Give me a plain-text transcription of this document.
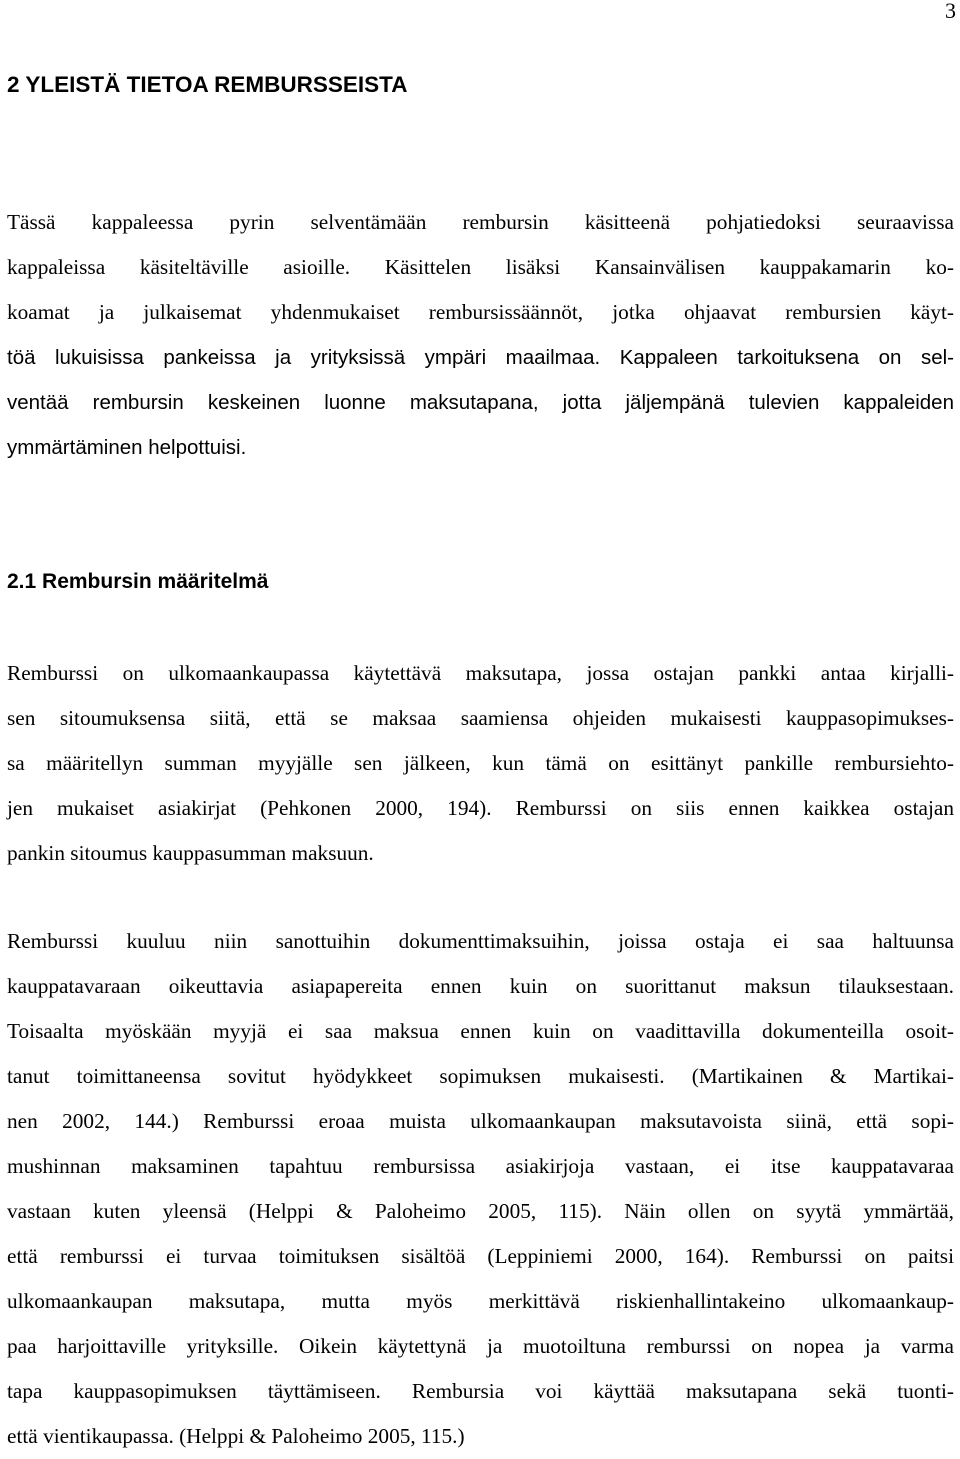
3
2 YLEISTÄ TIETOA REMBURSSEISTA
Tässä kappaleessa pyrin selventämään rembursin käsitteenä pohjatiedoksi seuraavissa
kappaleissa käsiteltäville asioille. Käsittelen lisäksi Kansainvälisen kauppakamarin ko-
koamat ja julkaisemat yhdenmukaiset rembursissäännöt, jotka ohjaavat rembursien käyt-
töä lukuisissa pankeissa ja yrityksissä ympäri maailmaa. Kappaleen tarkoituksena on sel-
ventää rembursin keskeinen luonne maksutapana, jotta jäljempänä tulevien kappaleiden
ymmärtäminen helpottuisi.
2.1 Rembursin määritelmä
Remburssi on ulkomaankaupassa käytettävä maksutapa, jossa ostajan pankki antaa kirjalli-
sen sitoumuksensa siitä, että se maksaa saamiensa ohjeiden mukaisesti kauppasopimukses-
sa määritellyn summan myyjälle sen jälkeen, kun tämä on esittänyt pankille rembursiehto-
jen mukaiset asiakirjat (Pehkonen 2000, 194). Remburssi on siis ennen kaikkea ostajan
pankin sitoumus kauppasumman maksuun.
Remburssi kuuluu niin sanottuihin dokumenttimaksuihin, joissa ostaja ei saa haltuunsa
kauppatavaraan oikeuttavia asiapapereita ennen kuin on suorittanut maksun tilauksestaan.
Toisaalta myöskään myyjä ei saa maksua ennen kuin on vaadittavilla dokumenteilla osoit-
tanut toimittaneensa sovitut hyödykkeet sopimuksen mukaisesti. (Martikainen & Martikai-
nen 2002, 144.) Remburssi eroaa muista ulkomaankaupan maksutavoista siinä, että sopi-
mushinnan maksaminen tapahtuu rembursissa asiakirjoja vastaan, ei itse kauppatavaraa
vastaan kuten yleensä (Helppi & Paloheimo 2005, 115). Näin ollen on syytä ymmärtää,
että remburssi ei turvaa toimituksen sisältöä (Leppiniemi 2000, 164). Remburssi on paitsi
ulkomaankaupan maksutapa, mutta myös merkittävä riskienhallintakeino ulkomaankaup-
paa harjoittaville yrityksille. Oikein käytettynä ja muotoiltuna remburssi on nopea ja varma
tapa kauppasopimuksen täyttämiseen. Rembursia voi käyttää maksutapana sekä tuonti-
että vientikaupassa. (Helppi & Paloheimo 2005, 115.)
